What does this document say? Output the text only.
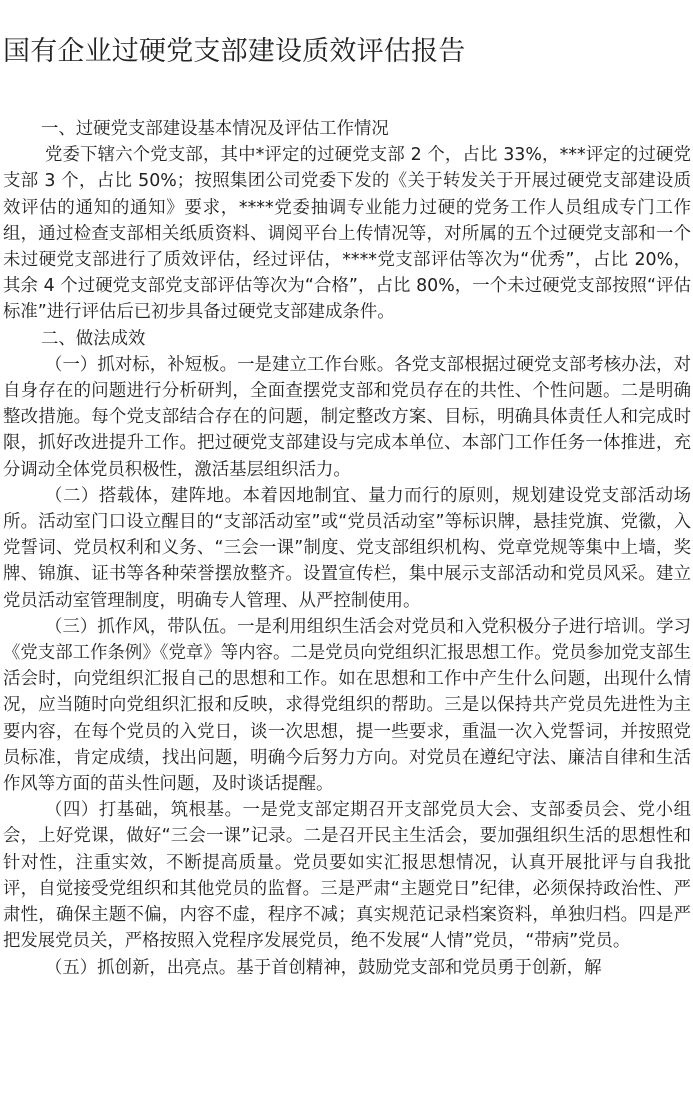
国有企业过硬党支部建设质效评估报告

一、过硬党支部建设基本情况及评估工作情况

党委下辖六个党支部，其中*评定的过硬党支部 2 个，占比 33%，***评定的过硬党支部 3 个，占比 50%；按照集团公司党委下发的《关于转发关于开展过硬党支部建设质效评估的通知的通知》要求，****党委抽调专业能力过硬的党务工作人员组成专门工作组，通过检查支部相关纸质资料、调阅平台上传情况等，对所属的五个过硬党支部和一个未过硬党支部进行了质效评估，经过评估，****党支部评估等次为“优秀”，占比 20%，其余 4 个过硬党支部党支部评估等次为“合格”，占比 80%，一个未过硬党支部按照“评估标准”进行评估后已初步具备过硬党支部建成条件。

二、做法成效

（一）抓对标，补短板。一是建立工作台账。各党支部根据过硬党支部考核办法，对自身存在的问题进行分析研判，全面查摆党支部和党员存在的共性、个性问题。二是明确整改措施。每个党支部结合存在的问题，制定整改方案、目标，明确具体责任人和完成时限，抓好改进提升工作。把过硬党支部建设与完成本单位、本部门工作任务一体推进，充分调动全体党员积极性，激活基层组织活力。

（二）搭载体，建阵地。本着因地制宜、量力而行的原则，规划建设党支部活动场所。活动室门口设立醒目的“支部活动室”或“党员活动室”等标识牌，悬挂党旗、党徽，入党誓词、党员权利和义务、“三会一课”制度、党支部组织机构、党章党规等集中上墙，奖牌、锦旗、证书等各种荣誉摆放整齐。设置宣传栏，集中展示支部活动和党员风采。建立党员活动室管理制度，明确专人管理、从严控制使用。

（三）抓作风，带队伍。一是利用组织生活会对党员和入党积极分子进行培训。学习《党支部工作条例》《党章》等内容。二是党员向党组织汇报思想工作。党员参加党支部生活会时，向党组织汇报自己的思想和工作。如在思想和工作中产生什么问题，出现什么情况，应当随时向党组织汇报和反映，求得党组织的帮助。三是以保持共产党员先进性为主要内容，在每个党员的入党日，谈一次思想，提一些要求，重温一次入党誓词，并按照党员标准，肯定成绩，找出问题，明确今后努力方向。对党员在遵纪守法、廉洁自律和生活作风等方面的苗头性问题，及时谈话提醒。

（四）打基础，筑根基。一是党支部定期召开支部党员大会、支部委员会、党小组会，上好党课，做好“三会一课”记录。二是召开民主生活会，要加强组织生活的思想性和针对性，注重实效，不断提高质量。党员要如实汇报思想情况，认真开展批评与自我批评，自觉接受党组织和其他党员的监督。三是严肃“主题党日”纪律，必须保持政治性、严肃性，确保主题不偏，内容不虚，程序不减；真实规范记录档案资料，单独归档。四是严把发展党员关，严格按照入党程序发展党员，绝不发展“人情”党员，“带病”党员。

（五）抓创新，出亮点。基于首创精神，鼓励党支部和党员勇于创新，解
